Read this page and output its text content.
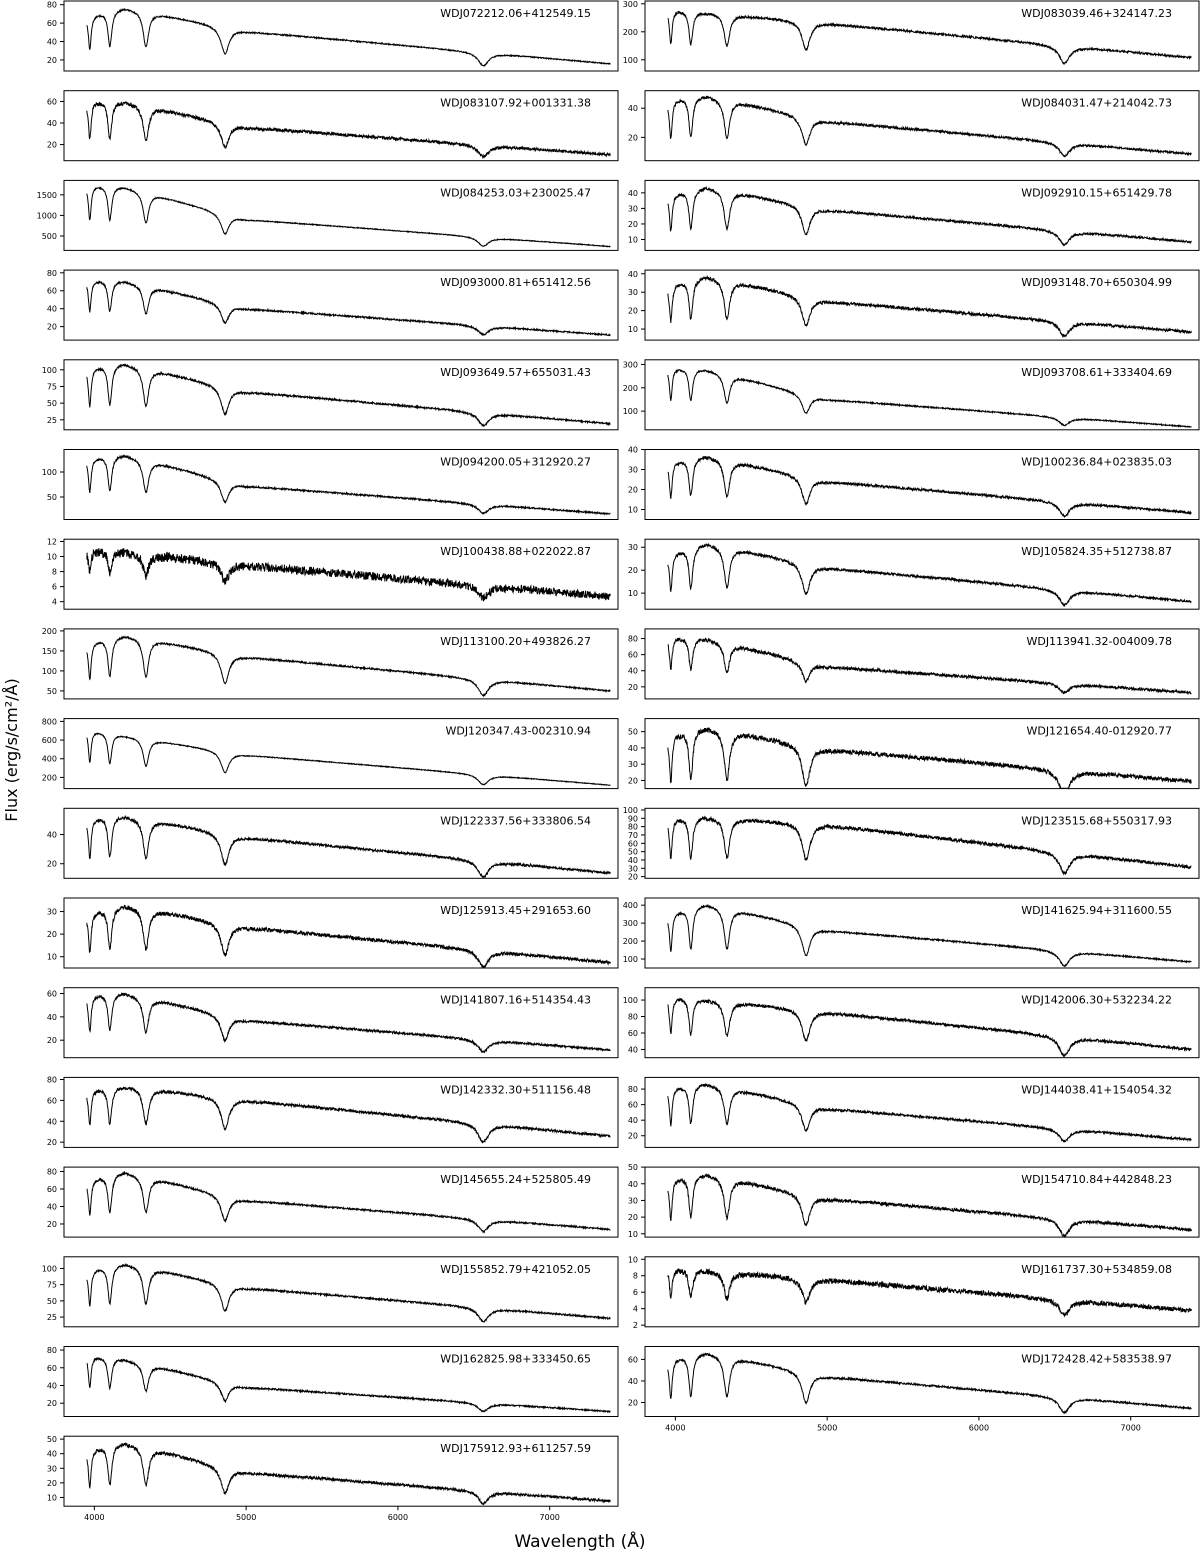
20
40
60
80
WDJ072212.06+412549.15
100
200
300
WDJ083039.46+324147.23
20
40
60	WDJ083107.92+001331.38
20
40	WDJ084031.47+214042.73
500
1000
1500	WDJ084253.03+230025.47
10
20
30
40	WDJ092910.15+651429.78
20
40
60
80
WDJ093000.81+651412.56
10
20
30
40
WDJ093148.70+650304.99
25
50
75
100	WDJ093649.57+655031.43
100
200
300
WDJ093708.61+333404.69
50
100
WDJ094200.05+312920.27
10
20
30
40
WDJ100236.84+023835.03
4
6
8
10
12
WDJ100438.88+022022.87
10
20
30	WDJ105824.35+512738.87
50
100
150
200
WDJ113100.20+493826.27
20
40
60
80	WDJ113941.32-004009.78
200
400
600
800
WDJ120347.43-002310.94
20
30
40
50	WDJ121654.40-012920.77
20
40
WDJ122337.56+333806.54
20
30
40
50
60
70
80
90
100
WDJ123515.68+550317.93
10
20
30	WDJ125913.45+291653.60
100
200
300
400	WDJ141625.94+311600.55
20
40
60	WDJ141807.16+514354.43
40
60
80
100	WDJ142006.30+532234.22
20
40
60
80
WDJ142332.30+511156.48
20
40
60
80	WDJ144038.41+154054.32
20
40
60
80
WDJ145655.24+525805.49
10
20
30
40
50
WDJ154710.84+442848.23
25
50
75
100	WDJ155852.79+421052.05
2
4
6
8
10
WDJ161737.30+534859.08
20
40
60
80
WDJ162825.98+333450.65
20
40
60
4000	5000	6000	7000
WDJ172428.42+583538.97
10
20
30
40
50
4000	5000	6000	7000
WDJ175912.93+611257.59
Wavelength (Å)
Flux (erg/s/cm²/Å)
